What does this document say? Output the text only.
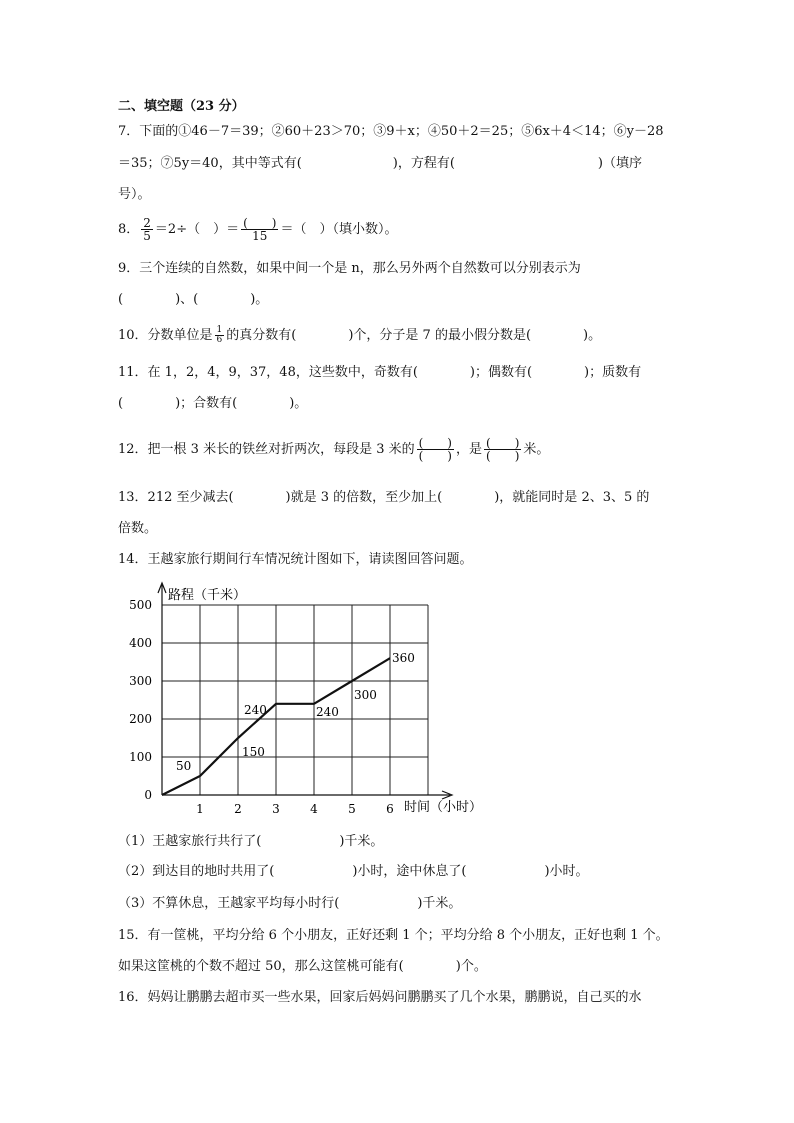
二、填空题（23 分）
7．下面的①46－7＝39；②60＋23＞70；③9＋x；④50＋2＝25；⑤6x＋4＜14；⑥y－28
＝35；⑦5y＝40，其中等式有(　　　　　　　)，方程有(　　　　　　　　　　　)（填序
号）。
8． $\frac{2}{5} =2\div$（　）＝ $\frac{( )}{15}$ ＝（　）（填小数）。
9．三个连续的自然数，如果中间一个是 n，那么另外两个自然数可以分别表示为
(　　　　)、(　　　　)。
10．分数单位是 $\frac{1}{6}$ 的真分数有(　　　　)个，分子是 7 的最小假分数是(　　　　)。
11．在 1，2，4，9，37，48，这些数中，奇数有(　　　　)；偶数有(　　　　)；质数有
(　　　　)；合数有(　　　　)。
12．把一根 3 米长的铁丝对折两次，每段是 3 米的 $\frac{( )}{( )}$ ，是 $\frac{( )}{( )}$ 米。
13．212 至少减去(　　　　)就是 3 的倍数，至少加上(　　　　)，就能同时是 2、3、5 的
倍数。
14．王越家旅行期间行车情况统计图如下，请读图回答问题。
0
100
200
300
400
500
1	2	3	4	5	6
50
150
240	240
300
360
路程（千米）
时间（小时）
（1）王越家旅行共行了(　　　　　　)千米。
（2）到达目的地时共用了(　　　　　　)小时，途中休息了(　　　　　　)小时。
（3）不算休息，王越家平均每小时行(　　　　　　)千米。
15．有一筐桃，平均分给 6 个小朋友，正好还剩 1 个；平均分给 8 个小朋友，正好也剩 1 个。
如果这筐桃的个数不超过 50，那么这筐桃可能有(　　　　)个。
16．妈妈让鹏鹏去超市买一些水果，回家后妈妈问鹏鹏买了几个水果，鹏鹏说，自己买的水
